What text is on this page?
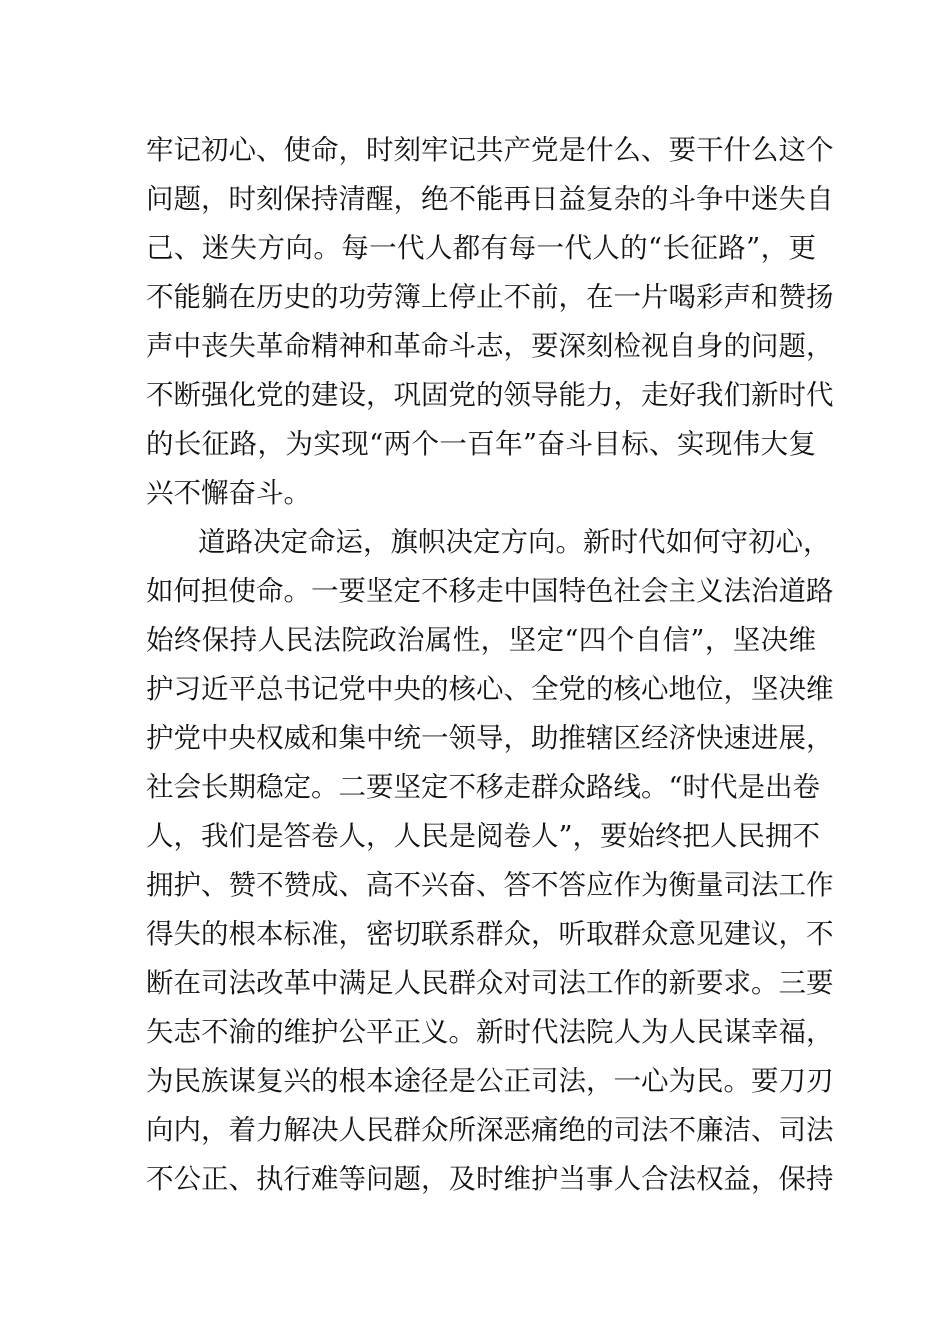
牢记初心、使命，时刻牢记共产党是什么、要干什么这个
问题，时刻保持清醒，绝不能再日益复杂的斗争中迷失自
己、迷失方向。每一代人都有每一代人的“长征路”，更
不能躺在历史的功劳簿上停止不前，在一片喝彩声和赞扬
声中丧失革命精神和革命斗志，要深刻检视自身的问题，
不断强化党的建设，巩固党的领导能力，走好我们新时代
的长征路，为实现“两个一百年”奋斗目标、实现伟大复
兴不懈奋斗。
道路决定命运，旗帜决定方向。新时代如何守初心，
如何担使命。一要坚定不移走中国特色社会主义法治道路
始终保持人民法院政治属性，坚定“四个自信”，坚决维
护习近平总书记党中央的核心、全党的核心地位，坚决维
护党中央权威和集中统一领导，助推辖区经济快速进展，
社会长期稳定。二要坚定不移走群众路线。“时代是出卷
人，我们是答卷人，人民是阅卷人”，要始终把人民拥不
拥护、赞不赞成、高不兴奋、答不答应作为衡量司法工作
得失的根本标准，密切联系群众，听取群众意见建议，不
断在司法改革中满足人民群众对司法工作的新要求。三要
矢志不渝的维护公平正义。新时代法院人为人民谋幸福，
为民族谋复兴的根本途径是公正司法，一心为民。要刀刃
向内，着力解决人民群众所深恶痛绝的司法不廉洁、司法
不公正、执行难等问题，及时维护当事人合法权益，保持
